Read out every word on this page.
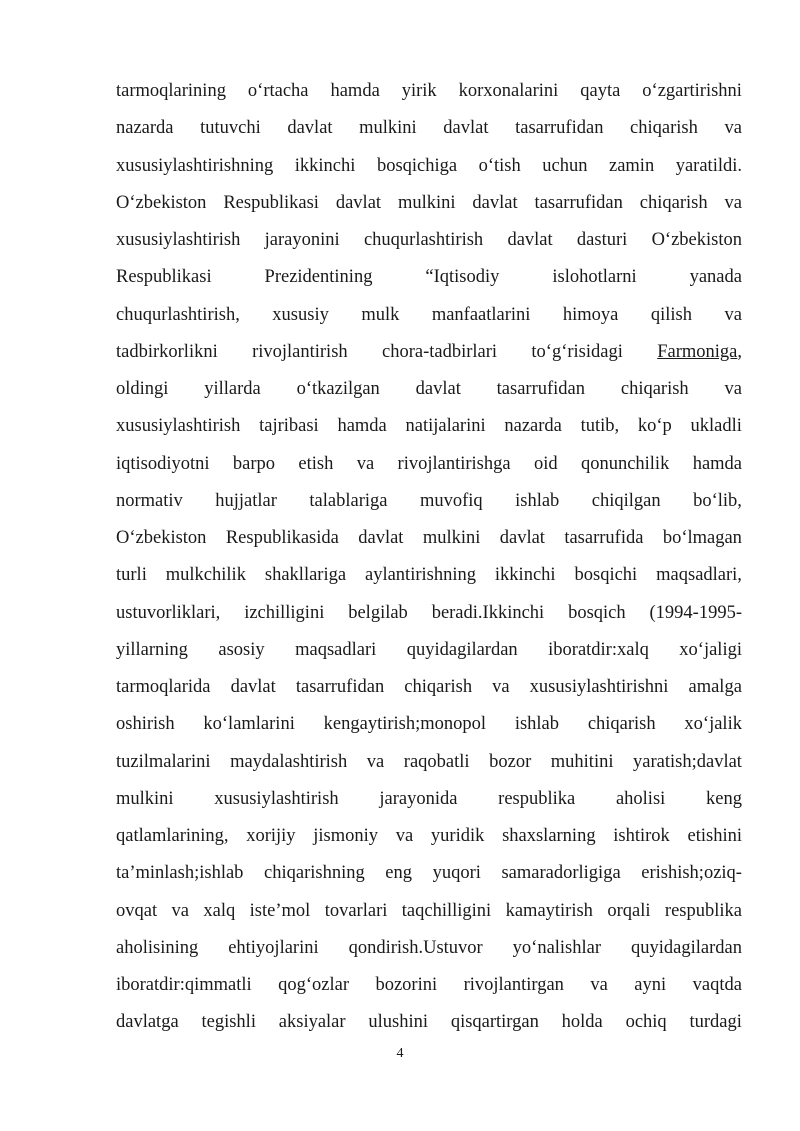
tarmoqlarining o‘rtacha hamda yirik korxonalarini qayta o‘zgartirishni
nazarda tutuvchi davlat mulkini davlat tasarrufidan chiqarish va
xususiylashtirishning ikkinchi bosqichiga o‘tish uchun zamin yaratildi.
O‘zbekiston Respublikasi davlat mulkini davlat tasarrufidan chiqarish va
xususiylashtirish jarayonini chuqurlashtirish davlat dasturi O‘zbekiston
Respublikasi	Prezidentining	“Iqtisodiy	islohotlarni	yanada
chuqurlashtirish, xususiy mulk manfaatlarini himoya qilish va
tadbirkorlikni rivojlantirish chora-tadbirlari to‘g‘risidagi Farmoniga,
oldingi yillarda o‘tkazilgan davlat tasarrufidan chiqarish va
xususiylashtirish tajribasi hamda natijalarini nazarda tutib, ko‘p ukladli
iqtisodiyotni barpo etish va rivojlantirishga oid qonunchilik hamda
normativ hujjatlar talablariga muvofiq ishlab chiqilgan bo‘lib,
O‘zbekiston Respublikasida davlat mulkini davlat tasarrufida bo‘lmagan
turli mulkchilik shakllariga aylantirishning ikkinchi bosqichi maqsadlari,
ustuvorliklari, izchilligini belgilab beradi.Ikkinchi bosqich (1994-1995-
yillarning asosiy maqsadlari quyidagilardan iboratdir:xalq xo‘jaligi
tarmoqlarida davlat tasarrufidan chiqarish va xususiylashtirishni amalga
oshirish ko‘lamlarini kengaytirish;monopol ishlab chiqarish xo‘jalik
tuzilmalarini maydalashtirish va raqobatli bozor muhitini yaratish;davlat
mulkini xususiylashtirish jarayonida respublika aholisi keng
qatlamlarining, xorijiy jismoniy va yuridik shaxslarning ishtirok etishini
ta’minlash;ishlab chiqarishning eng yuqori samaradorligiga erishish;oziq-
ovqat va xalq iste’mol tovarlari taqchilligini kamaytirish orqali respublika
aholisining ehtiyojlarini qondirish.Ustuvor yo‘nalishlar quyidagilardan
iboratdir:qimmatli qog‘ozlar bozorini rivojlantirgan va ayni vaqtda
davlatga tegishli aksiyalar ulushini qisqartirgan holda ochiq turdagi
4
